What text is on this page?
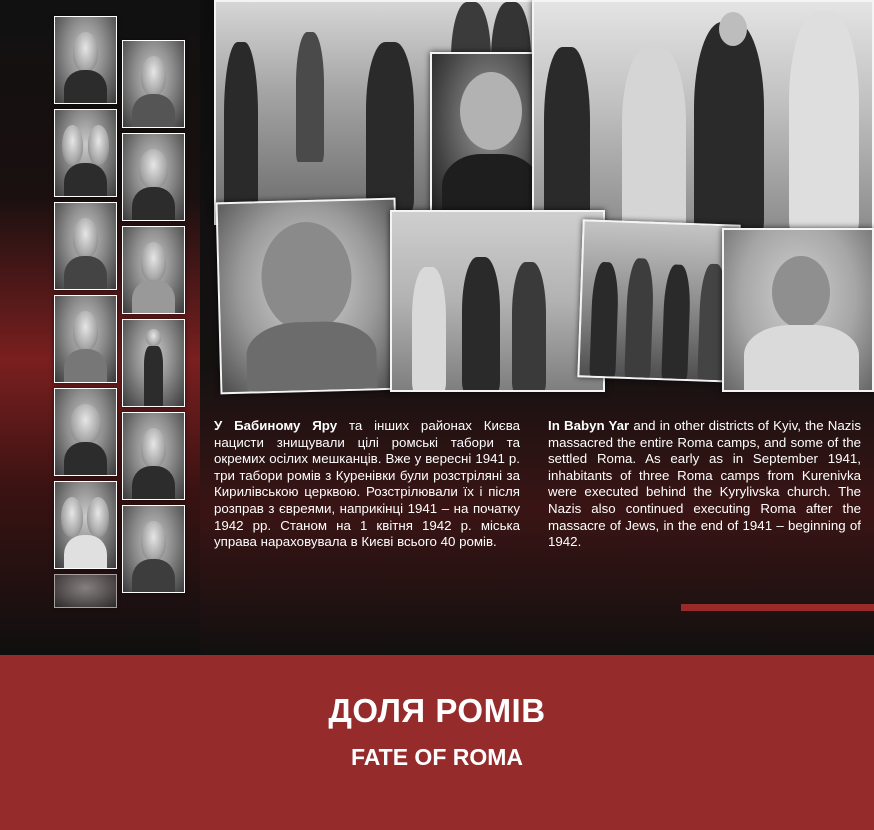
У Бабиному Яру та інших районах Києва нацисти знищували цілі ромські табори та окремих осілих мешканців. Вже у вересні 1941 р. три табори ромів з Куренівки були розстріляні за Кирилівською церквою. Розстрілювали їх і після розправ з євреями, наприкінці 1941 – на початку 1942 рр. Станом на 1 квітня 1942 р. міська управа нараховувала в Києві всього 40 ромів.

In Babyn Yar and in other districts of Kyiv, the Nazis massacred the entire Roma camps, and some of the settled Roma. As early as in September 1941, inhabitants of three Roma camps from Kurenivka were executed behind the Kyrylivska church. The Nazis also continued executing Roma after the massacre of Jews, in the end of 1941 – beginning of 1942.

ДОЛЯ РОМІВ
FATE OF ROMA
